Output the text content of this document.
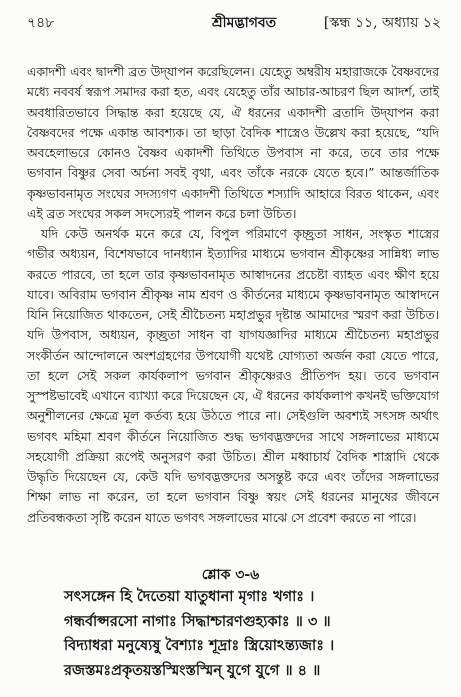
৭৪৮	শ্রীমদ্ভাগবত	[স্কন্ধ ১১, অধ্যায় ১২

একাদশী এবং দ্বাদশী ব্রত উদ্‌যাপন করেছিলেন। যেহেতু অম্বরীষ মহারাজকে বৈষ্ণবদের মধ্যে নববর্ষ স্বরূপ সমাদর করা হত, এবং যেহেতু তাঁর আচার-আচরণ ছিল আদর্শ, তাই অবধারিতভাবে সিদ্ধান্ত করা হয়েছে যে, ঐ ধরনের একাদশী ব্রতাদি উদ্‌যাপন করা বৈষ্ণবদের পক্ষে একান্ত আবশ্যক। তা ছাড়া বৈদিক শাস্ত্রেও উল্লেখ করা হয়েছে, “যদি অবহেলাভরে কোনও বৈষ্ণব একাদশী তিথিতে উপবাস না করে, তবে তার পক্ষে ভগবান বিষ্ণুর সেবা অর্চনা সবই বৃথা, এবং তাঁকে নরকে যেতে হবে।” আন্তর্জাতিক কৃষ্ণভাবনামৃত সংঘের সদস্যগণ একাদশী তিথিতে শস্যাদি আহারে বিরত থাকেন, এবং এই ব্রত সংঘের সকল সদস্যেরই পালন করে চলা উচিত।

যদি কেউ অনর্থক মনে করে যে, বিপুল পরিমাণে কৃচ্ছ্রতা সাধন, সংস্কৃত শাস্ত্রের গভীর অধ্যয়ন, বিশেষভাবে দানধ্যান ইত্যাদির মাধ্যমে ভগবান শ্রীকৃষ্ণের সান্নিধ্য লাভ করতে পারবে, তা হলে তার কৃষ্ণভাবনামৃত আস্বাদনের প্রচেষ্টা ব্যাহত এবং ক্ষীণ হয়ে যাবে। অবিরাম ভগবান শ্রীকৃষ্ণ নাম শ্রবণ ও কীর্তনের মাধ্যমে কৃষ্ণভাবনামৃত আস্বাদনে যিনি নিয়োজিত থাকতেন, সেই শ্রীচৈতন্য মহাপ্রভুর দৃষ্টান্ত আমাদের স্মরণ করা উচিত। যদি উপবাস, অধ্যয়ন, কৃচ্ছ্রতা সাধন বা যাগযজ্ঞাদির মাধ্যমে শ্রীচৈতন্য মহাপ্রভুর সংকীর্তন আন্দোলনে অংশগ্রহণের উপযোগী যথেষ্ট যোগ্যতা অর্জন করা যেতে পারে, তা হলে সেই সকল কার্যকলাপ ভগবান শ্রীকৃষ্ণেরও প্রীতিপদ হয়। তবে ভগবান সুস্পষ্টভাবেই এখানে ব্যাখ্যা করে দিয়েছেন যে, ঐ ধরনের কার্যকলাপ কখনই ভক্তিযোগ অনুশীলনের ক্ষেত্রে মূল কর্তব্য হয়ে উঠতে পারে না। সেইগুলি অবশ্যই সৎসঙ্গ অর্থাৎ ভগবৎ মহিমা শ্রবণ কীর্তনে নিয়োজিত শুদ্ধ ভগবদ্ভক্তদের সাথে সঙ্গলাভের মাধ্যমে সহযোগী প্রক্রিয়া রূপেই অনুসরণ করা উচিত। শ্রীল মধ্বাচার্য বৈদিক শাস্ত্রাদি থেকে উদ্ধৃতি দিয়েছেন যে, কেউ যদি ভগবদ্ভক্তদের অসন্তুষ্ট করে এবং তাঁদের সঙ্গলাভের শিক্ষা লাভ না করেন, তা হলে ভগবান বিষ্ণু স্বয়ং সেই ধরনের মানুষের জীবনে প্রতিবন্ধকতা সৃষ্টি করেন যাতে ভগবৎ সঙ্গলাভের মাঝে সে প্রবেশ করতে না পারে।

শ্লোক ৩-৬
সৎসঙ্গেন হি দৈতেয়া যাতুধানা মৃগাঃ খগাঃ ।
গন্ধর্বাপ্সরসো নাগাঃ সিদ্ধাশ্চারণগুহ্যকাঃ ॥ ৩ ॥
বিদ্যাধরা মনুষ্যেষু বৈশ্যাঃ শূদ্রাঃ স্ত্রিয়োঽন্ত্যজাঃ ।
রজস্তমঃপ্রকৃতয়স্তস্মিংস্তস্মিন্‌ যুগে যুগে ॥ ৪ ॥
